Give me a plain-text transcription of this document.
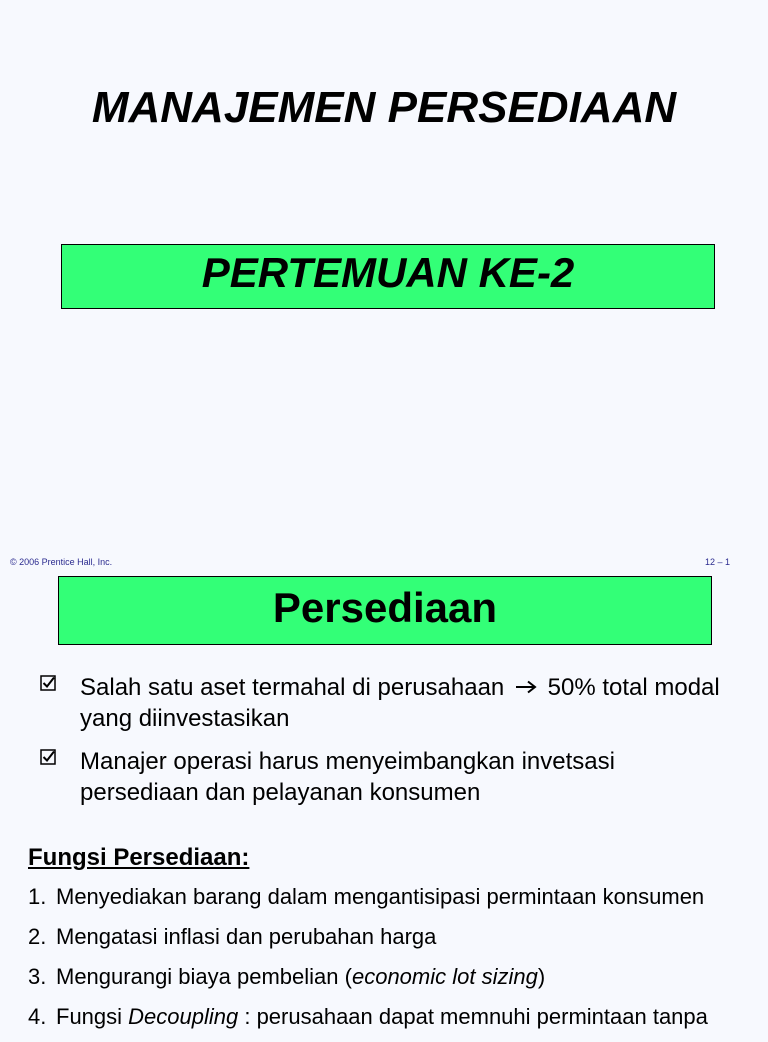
MANAJEMEN PERSEDIAAN
PERTEMUAN KE-2
© 2006 Prentice Hall, Inc.	12 – 1
Persediaan
Salah satu aset termahal di perusahaan 50% total modal yang diinvestasikan
Manajer operasi harus menyeimbangkan invetsasi persediaan dan pelayanan konsumen
Fungsi Persediaan:
1. Menyediakan barang dalam mengantisipasi permintaan konsumen
2. Mengatasi inflasi dan perubahan harga
3. Mengurangi biaya pembelian (economic lot sizing)
4. Fungsi Decoupling : perusahaan dapat memnuhi permintaan tanpa
